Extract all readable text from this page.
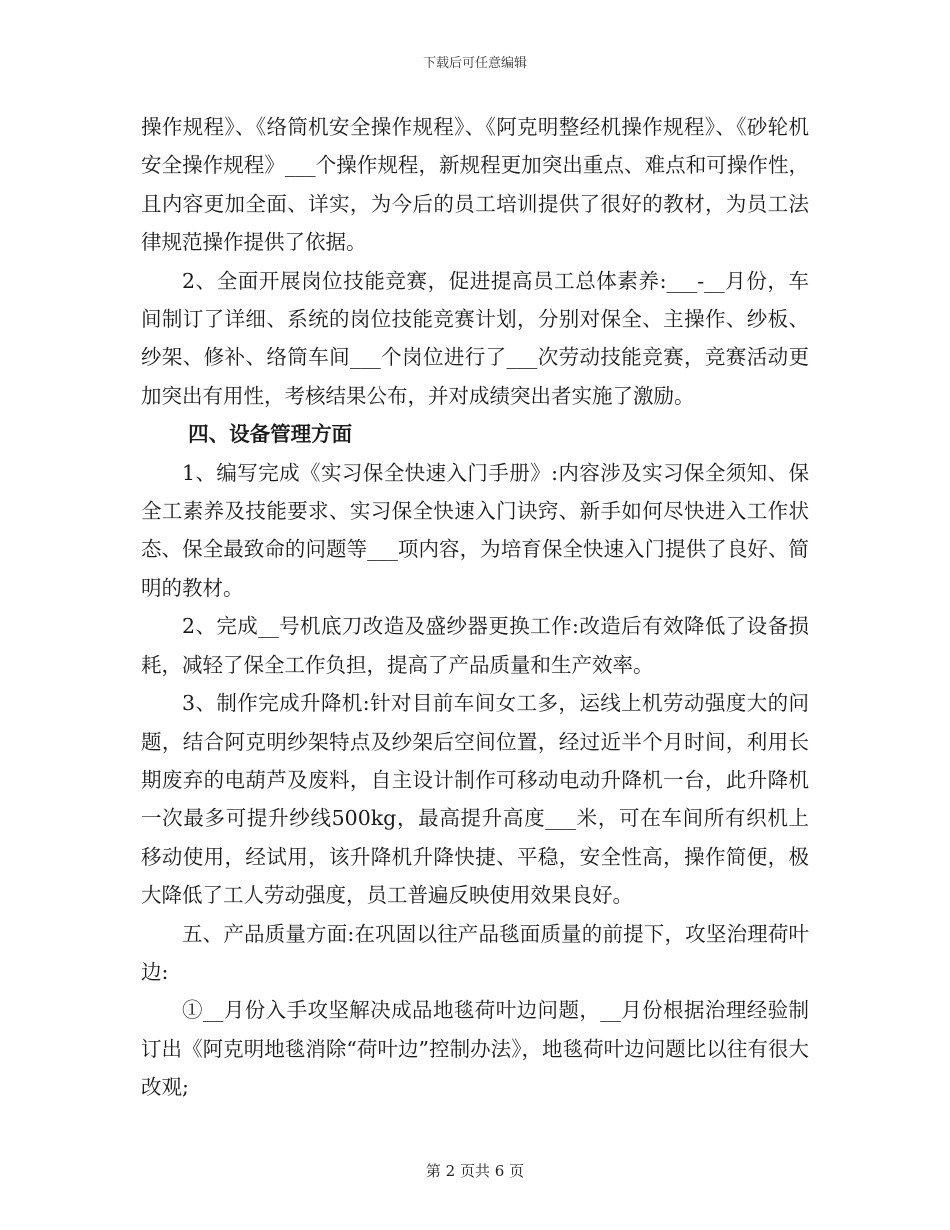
下载后可任意编辑

操作规程》、《络筒机安全操作规程》、《阿克明整经机操作规程》、《砂轮机安全操作规程》___个操作规程，新规程更加突出重点、难点和可操作性，且内容更加全面、详实，为今后的员工培训提供了很好的教材，为员工法律规范操作提供了依据。

2、全面开展岗位技能竞赛，促进提高员工总体素养:___-__月份，车间制订了详细、系统的岗位技能竞赛计划，分别对保全、主操作、纱板、纱架、修补、络筒车间___个岗位进行了___次劳动技能竞赛，竞赛活动更加突出有用性，考核结果公布，并对成绩突出者实施了激励。

四、设备管理方面

1、编写完成《实习保全快速入门手册》:内容涉及实习保全须知、保全工素养及技能要求、实习保全快速入门诀窍、新手如何尽快进入工作状态、保全最致命的问题等___项内容，为培育保全快速入门提供了良好、简明的教材。

2、完成__号机底刀改造及盛纱器更换工作:改造后有效降低了设备损耗，减轻了保全工作负担，提高了产品质量和生产效率。

3、制作完成升降机:针对目前车间女工多，运线上机劳动强度大的问题，结合阿克明纱架特点及纱架后空间位置，经过近半个月时间，利用长期废弃的电葫芦及废料，自主设计制作可移动电动升降机一台，此升降机一次最多可提升纱线500kg，最高提升高度___米，可在车间所有织机上移动使用，经试用，该升降机升降快捷、平稳，安全性高，操作简便，极大降低了工人劳动强度，员工普遍反映使用效果良好。

五、产品质量方面:在巩固以往产品毯面质量的前提下，攻坚治理荷叶边:

①__月份入手攻坚解决成品地毯荷叶边问题，__月份根据治理经验制订出《阿克明地毯消除“荷叶边”控制办法》，地毯荷叶边问题比以往有很大改观;

第 2 页共 6 页
